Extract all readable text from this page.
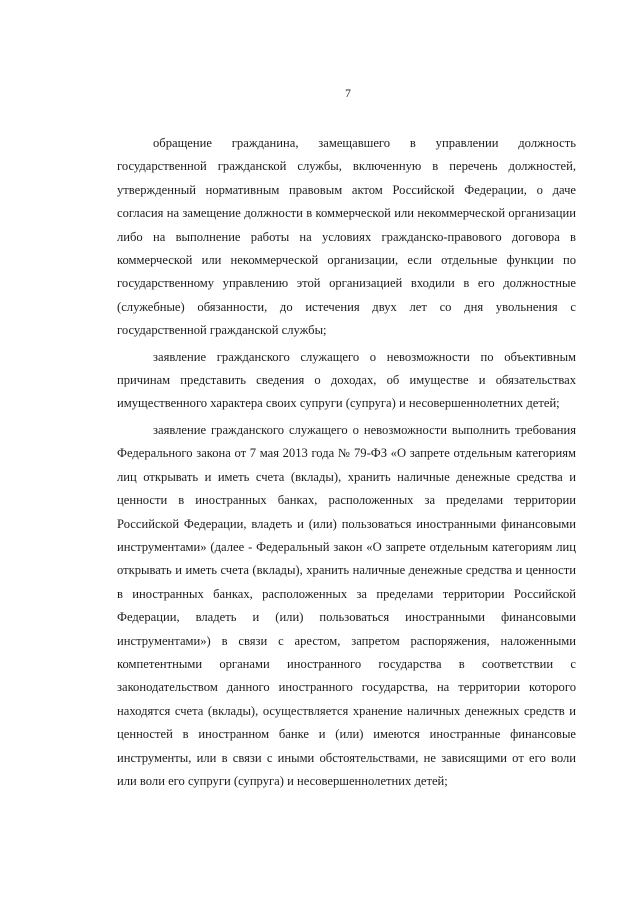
7

обращение гражданина, замещавшего в управлении должность государственной гражданской службы, включенную в перечень должностей, утвержденный нормативным правовым актом Российской Федерации, о даче согласия на замещение должности в коммерческой или некоммерческой организации либо на выполнение работы на условиях гражданско-правового договора в коммерческой или некоммерческой организации, если отдельные функции по государственному управлению этой организацией входили в его должностные (служебные) обязанности, до истечения двух лет со дня увольнения с государственной гражданской службы;

заявление гражданского служащего о невозможности по объективным причинам представить сведения о доходах, об имуществе и обязательствах имущественного характера своих супруги (супруга) и несовершеннолетних детей;

заявление гражданского служащего о невозможности выполнить требования Федерального закона от 7 мая 2013 года № 79-ФЗ «О запрете отдельным категориям лиц открывать и иметь счета (вклады), хранить наличные денежные средства и ценности в иностранных банках, расположенных за пределами территории Российской Федерации, владеть и (или) пользоваться иностранными финансовыми инструментами» (далее - Федеральный закон «О запрете отдельным категориям лиц открывать и иметь счета (вклады), хранить наличные денежные средства и ценности в иностранных банках, расположенных за пределами территории Российской Федерации, владеть и (или) пользоваться иностранными финансовыми инструментами») в связи с арестом, запретом распоряжения, наложенными компетентными органами иностранного государства в соответствии с законодательством данного иностранного государства, на территории которого находятся счета (вклады), осуществляется хранение наличных денежных средств и ценностей в иностранном банке и (или) имеются иностранные финансовые инструменты, или в связи с иными обстоятельствами, не зависящими от его воли или воли его супруги (супруга) и несовершеннолетних детей;
